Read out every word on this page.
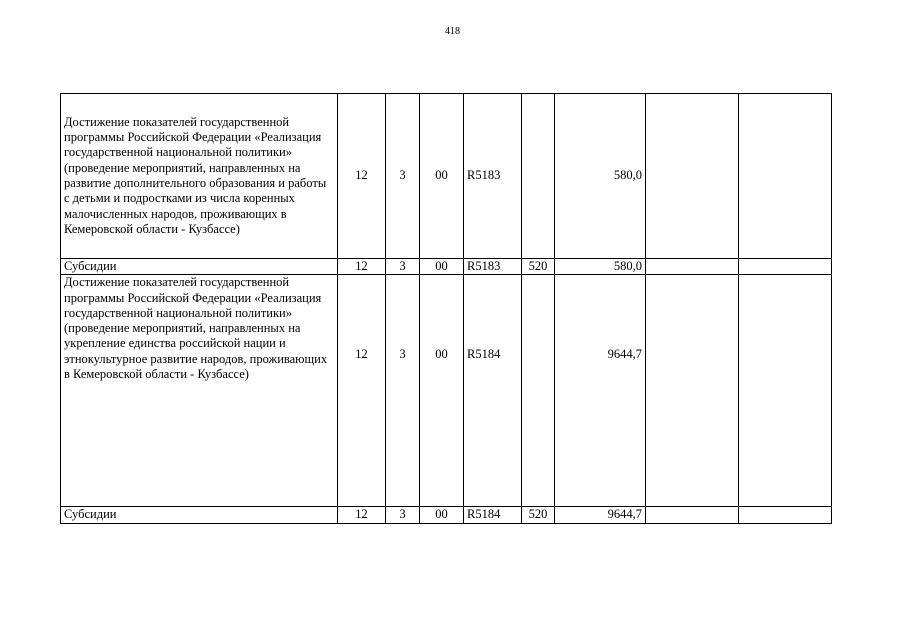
418
Достижение показателей государственной программы Российской Федерации «Реализация государственной национальной политики» (проведение мероприятий, направленных на развитие дополнительного образования и работы с детьми и подростками из числа коренных малочисленных народов, проживающих в Кемеровской области - Кузбассе)	12	3	00	R5183		580,0		
Субсидии	12	3	00	R5183	520	580,0		
Достижение показателей государственной программы Российской Федерации «Реализация государственной национальной политики» (проведение мероприятий, направленных на укрепление единства российской нации и этнокультурное развитие народов, проживающих в Кемеровской области - Кузбассе)	12	3	00	R5184		9644,7		
Субсидии	12	3	00	R5184	520	9644,7		
